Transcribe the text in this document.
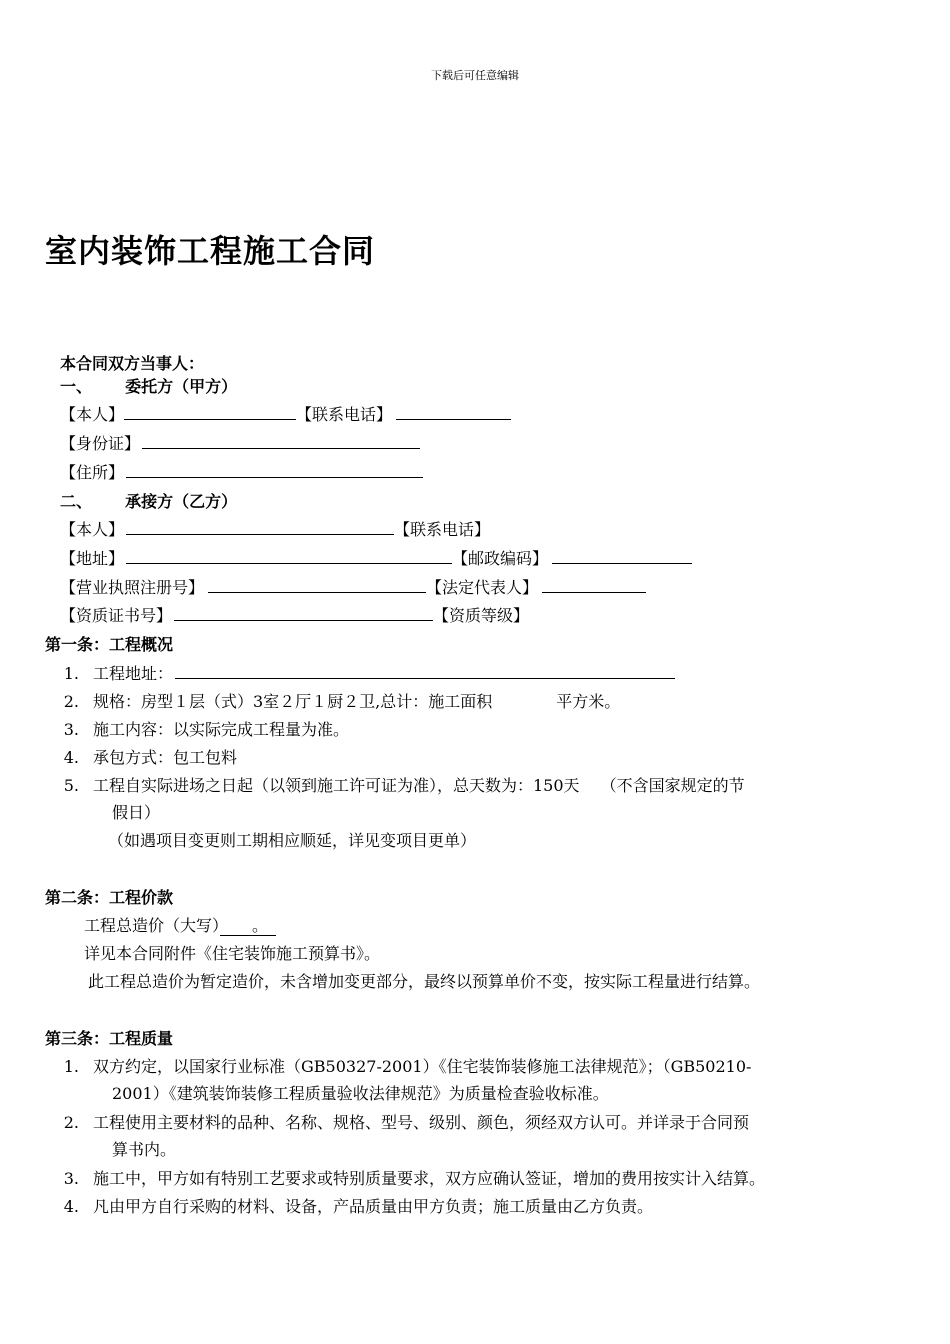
下载后可任意编辑
室内装饰工程施工合同
本合同双方当事人：
一、 委托方（甲方）
【本人】	【联系电话】
【身份证】
【住所】
二、 承接方（乙方）
【本人】	【联系电话】
【地址】	【邮政编码】
【营业执照注册号】	【法定代表人】
【资质证书号】	【资质等级】
第一条：工程概况
1. 工程地址：
2. 规格：房型１层（式）3室２厅１厨２卫,总计：施工面积　　　　平方米。
3. 施工内容：以实际完成工程量为准。
4. 承包方式：包工包料
5. 工程自实际进场之日起（以领到施工许可证为准），总天数为：150天　 （不含国家规定的节
假日）
（如遇项目变更则工期相应顺延，详见变项目更单）
第二条：工程价款
工程总造价（大写）　　。　
详见本合同附件《住宅装饰施工预算书》。
此工程总造价为暂定造价，未含增加变更部分，最终以预算单价不变，按实际工程量进行结算。
第三条：工程质量
1. 双方约定，以国家行业标准（GB50327-2001）《住宅装饰装修施工法律规范》；（GB50210-
2001）《建筑装饰装修工程质量验收法律规范》为质量检查验收标准。
2. 工程使用主要材料的品种、名称、规格、型号、级别、颜色，须经双方认可。并详录于合同预
算书内。
3. 施工中，甲方如有特别工艺要求或特别质量要求，双方应确认签证，增加的费用按实计入结算。
4. 凡由甲方自行采购的材料、设备，产品质量由甲方负责；施工质量由乙方负责。
